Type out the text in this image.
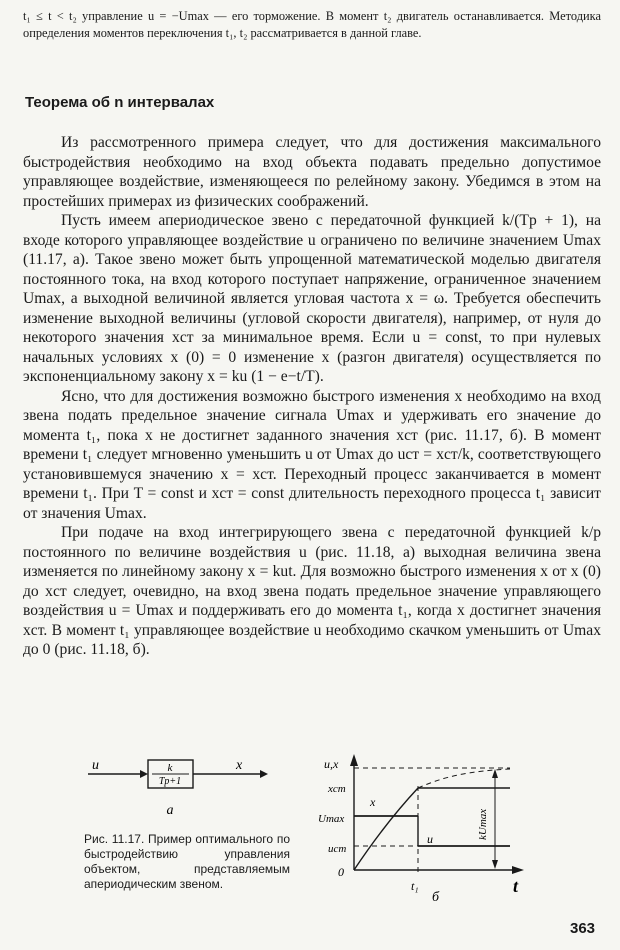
t₁ ≤ t < t₂ управление u = −Umax — его торможение. В момент t₂ двигатель останавливается. Методика определения моментов переключения t₁, t₂ рассматривается в данной главе.
Теорема об n интервалах

Из рассмотренного примера следует, что для достижения максимального быстродействия необходимо на вход объекта подавать предельно допустимое управляющее воздействие, изменяющееся по релейному закону. Убедимся в этом на простейших примерах из физических соображений.

Пусть имеем апериодическое звено с передаточной функцией k/(Tp + 1), на входе которого управляющее воздействие u ограничено по величине значением Umax (11.17, а). Такое звено может быть упрощенной математической моделью двигателя постоянного тока, на вход которого поступает напряжение, ограниченное значением Umax, а выходной величиной является угловая частота x = ω. Требуется обеспечить изменение выходной величины (угловой скорости двигателя), например, от нуля до некоторого значения xст за минимальное время. Если u = const, то при нулевых начальных условиях x (0) = 0 изменение x (разгон двигателя) осуществляется по экспоненциальному закону x = ku (1 − e−t/T).

Ясно, что для достижения возможно быстрого изменения x необходимо на вход звена подать предельное значение сигнала Umax и удерживать его значение до момента t₁, пока x не достигнет заданного значения xст (рис. 11.17, б). В момент времени t₁ следует мгновенно уменьшить u от Umax до uст = xст/k, соответствующего установившемуся значению x = xст. Переходный процесс заканчивается в момент времени t₁. При T = const и xст = const длительность переходного процесса t₁ зависит от значения Umax.

При подаче на вход интегрирующего звена с передаточной функцией k/p постоянного по величине воздействия u (рис. 11.18, а) выходная величина звена изменяется по линейному закону x = kut. Для возможно быстрого изменения x от x (0) до xст следует, очевидно, на вход звена подать предельное значение управляющего воздействия u = Umax и поддерживать его до момента t₁, когда x достигнет значения xст. В момент t₁ управляющее воздействие u необходимо скачком уменьшить от Umax до 0 (рис. 11.18, б).

u	x
k
Tp+1
а
u,x
xст
Umax
uст
x
u
0
t₁	t
б
kUmax
Рис. 11.17. Пример оптимального по быстродействию управления объектом, представляемым апериодическим звеном.
363
